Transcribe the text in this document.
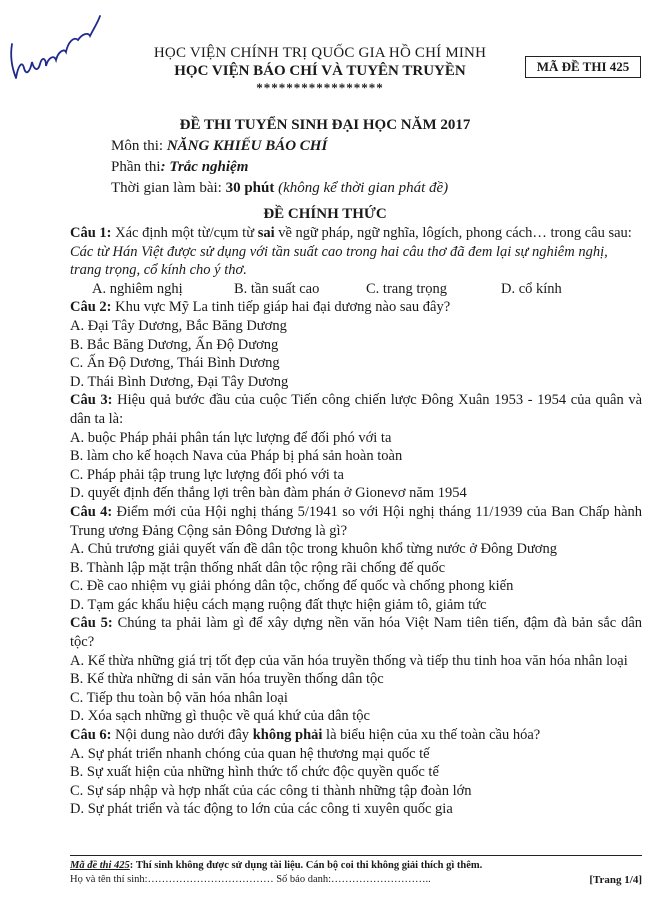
HỌC VIỆN CHÍNH TRỊ QUỐC GIA HỒ CHÍ MINH
HỌC VIỆN BÁO CHÍ VÀ TUYÊN TRUYỀN
*****************
MÃ ĐỀ THI 425
ĐỀ THI TUYỂN SINH ĐẠI HỌC NĂM 2017
Môn thi: NĂNG KHIẾU BÁO CHÍ
Phần thi: Trắc nghiệm
Thời gian làm bài: 30 phút (không kể thời gian phát đề)
ĐỀ CHÍNH THỨC
Câu 1: Xác định một từ/cụm từ sai về ngữ pháp, ngữ nghĩa, lôgích, phong cách… trong câu sau:
Các từ Hán Việt được sử dụng với tần suất cao trong hai câu thơ đã đem lại sự nghiêm nghị, trang trọng, cổ kính cho ý thơ.
A. nghiêm nghị	B. tần suất cao	C. trang trọng	D. cổ kính
Câu 2: Khu vực Mỹ La tinh tiếp giáp hai đại dương nào sau đây?
A. Đại Tây Dương, Bắc Băng Dương
B. Bắc Băng Dương, Ấn Độ Dương
C. Ấn Độ Dương, Thái Bình Dương
D. Thái Bình Dương, Đại Tây Dương
Câu 3: Hiệu quả bước đầu của cuộc Tiến công chiến lược Đông Xuân 1953 - 1954 của quân và dân ta là:
A. buộc Pháp phải phân tán lực lượng để đối phó với ta
B. làm cho kế hoạch Nava của Pháp bị phá sản hoàn toàn
C. Pháp phải tập trung lực lượng đối phó với ta
D. quyết định đến thắng lợi trên bàn đàm phán ở Gionevơ năm 1954
Câu 4: Điểm mới của Hội nghị tháng 5/1941 so với Hội nghị tháng 11/1939 của Ban Chấp hành Trung ương Đảng Cộng sản Đông Dương là gì?
A. Chủ trương giải quyết vấn đề dân tộc trong khuôn khổ từng nước ở Đông Dương
B. Thành lập mặt trận thống nhất dân tộc rộng rãi chống đế quốc
C. Đề cao nhiệm vụ giải phóng dân tộc, chống đế quốc và chống phong kiến
D. Tạm gác khẩu hiệu cách mạng ruộng đất thực hiện giảm tô, giảm tức
Câu 5: Chúng ta phải làm gì để xây dựng nền văn hóa Việt Nam tiên tiến, đậm đà bản sắc dân tộc?
A. Kế thừa những giá trị tốt đẹp của văn hóa truyền thống và tiếp thu tinh hoa văn hóa nhân loại
B. Kế thừa những di sản văn hóa truyền thống dân tộc
C. Tiếp thu toàn bộ văn hóa nhân loại
D. Xóa sạch những gì thuộc về quá khứ của dân tộc
Câu 6: Nội dung nào dưới đây không phải là biểu hiện của xu thế toàn cầu hóa?
A. Sự phát triển nhanh chóng của quan hệ thương mại quốc tế
B. Sự xuất hiện của những hình thức tổ chức độc quyền quốc tế
C. Sự sáp nhập và hợp nhất của các công ti thành những tập đoàn lớn
D. Sự phát triển và tác động to lớn của các công ti xuyên quốc gia
Mã đề thi 425: Thí sinh không được sử dụng tài liệu. Cán bộ coi thi không giải thích gì thêm.
Họ và tên thí sinh:……………………………… Số báo danh:………………………..	[Trang 1/4]
